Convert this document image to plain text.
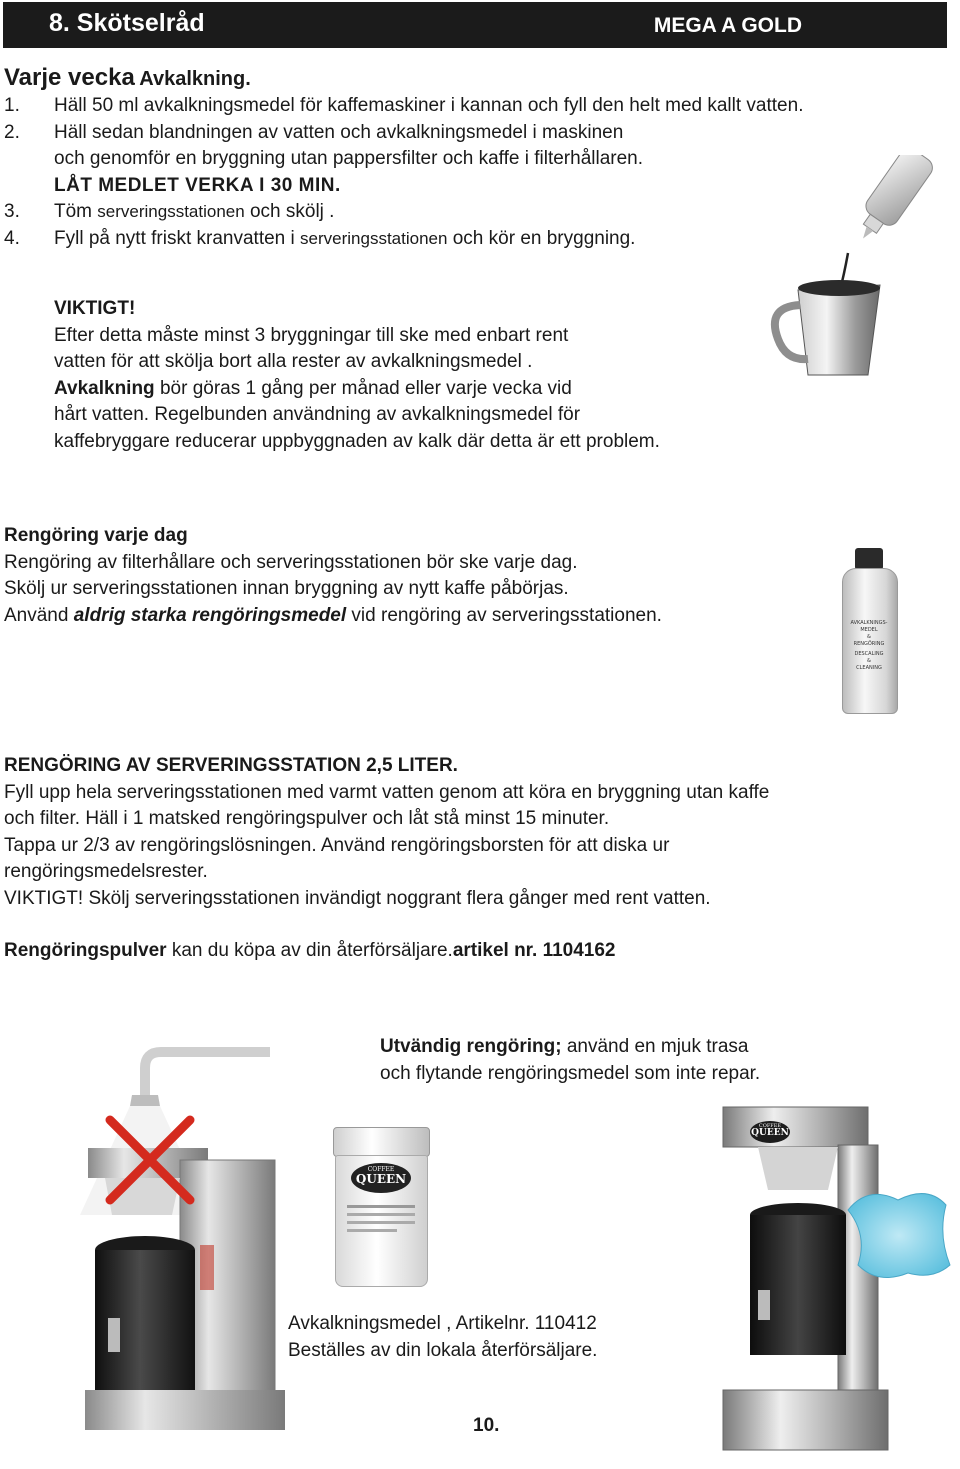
8. Skötselråd	MEGA A GOLD
Varje vecka Avkalkning.
1. Häll 50 ml avkalkningsmedel för kaffemaskiner i kannan och fyll den helt med kallt vatten.
2. Häll sedan blandningen av vatten och avkalkningsmedel i maskinen
och genomför en bryggning utan pappersfilter och kaffe i filterhållaren.
LÅT MEDLET VERKA I 30 MIN.
3. Töm serveringsstationen och skölj .
4. Fyll på nytt friskt kranvatten i serveringsstationen och kör en bryggning.
VIKTIGT!
Efter detta måste minst 3 bryggningar till ske med enbart rent
vatten för att skölja bort alla rester av avkalkningsmedel .
Avkalkning bör göras 1 gång per månad eller varje vecka vid
hårt vatten. Regelbunden användning av avkalkningsmedel för
kaffebryggare reducerar uppbyggnaden av kalk där detta är ett problem.
Rengöring varje dag
Rengöring av filterhållare och serveringsstationen bör ske varje dag.
Skölj ur serveringsstationen innan bryggning av nytt kaffe påbörjas.
Använd aldrig starka rengöringsmedel vid rengöring av serveringsstationen.	AVKALKNINGS-
MEDEL
&
RENGÖRING
DESCALING
&
CLEANING
RENGÖRING AV SERVERINGSSTATION 2,5 LITER.
Fyll upp hela serveringsstationen med varmt vatten genom att köra en bryggning utan kaffe
och filter. Häll i 1 matsked rengöringspulver och låt stå minst 15 minuter.
Tappa ur 2/3 av rengöringslösningen. Använd rengöringsborsten för att diska ur
rengöringsmedelsrester.
VIKTIGT! Skölj serveringsstationen invändigt noggrant flera gånger med rent vatten.
Rengöringspulver kan du köpa av din återförsäljare.artikel nr. 1104162
Utvändig rengöring; använd en mjuk trasa
och flytande rengöringsmedel som inte repar.
COFFEE
QUEEN
Avkalkningsmedel , Artikelnr. 110412
Beställes av din lokala återförsäljare.
10.
COFFEE
QUEEN
